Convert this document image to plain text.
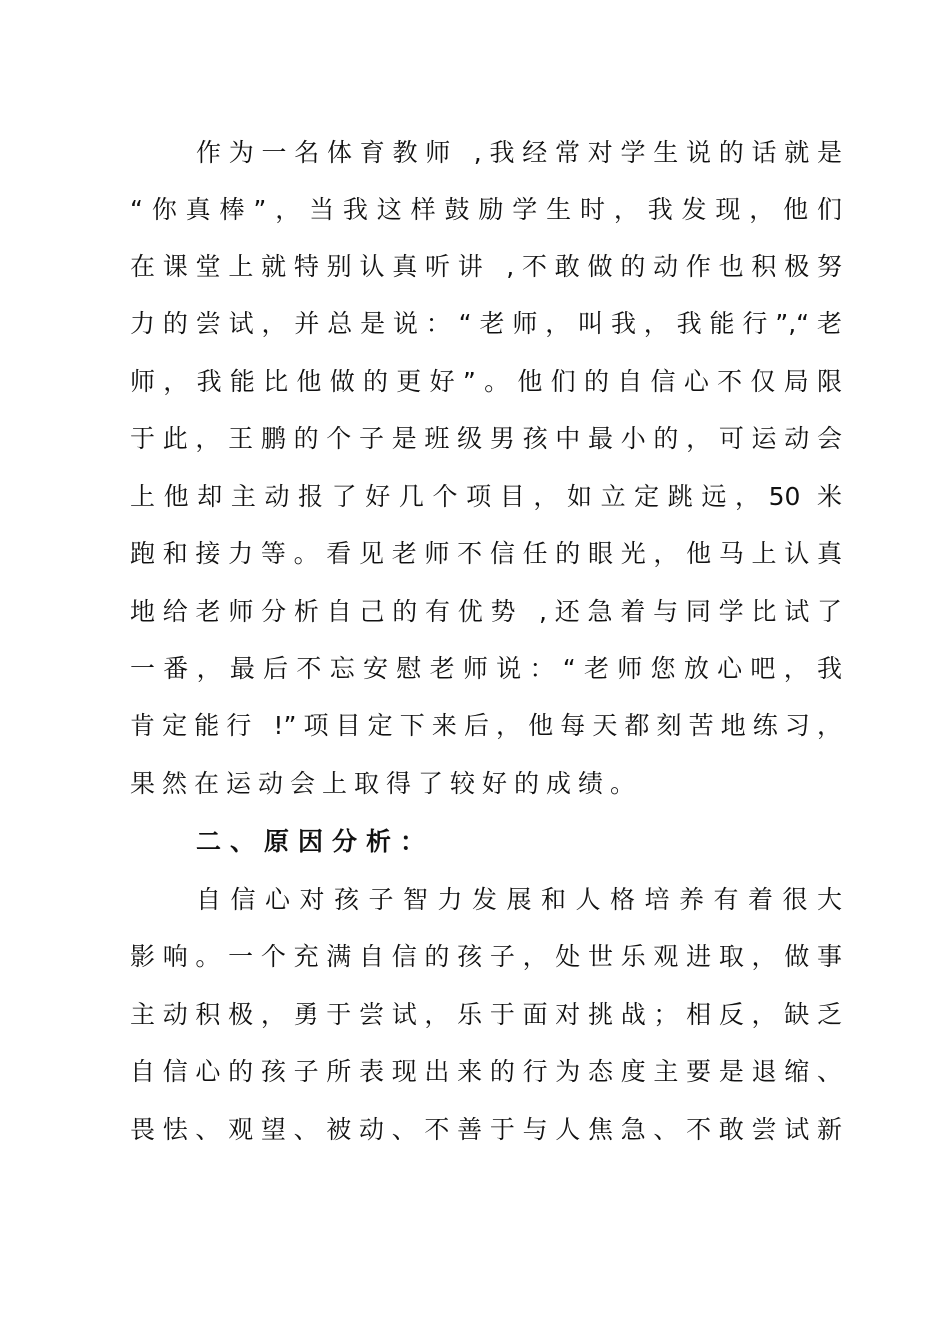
作为一名体育教师 ,我经常对学生说的话就是
“你真棒”，当我这样鼓励学生时，我发现，他们
在课堂上就特别认真听讲 ,不敢做的动作也积极努
力的尝试，并总是说：“老师，叫我，我能行”,“老
师，我能比他做的更好”。他们的自信心不仅局限
于此，王鹏的个子是班级男孩中最小的，可运动会
上他却主动报了好几个项目，如立定跳远，50 米
跑和接力等。看见老师不信任的眼光，他马上认真
地给老师分析自己的有优势 ,还急着与同学比试了
一番，最后不忘安慰老师说：“老师您放心吧，我
肯定能行 !”项目定下来后，他每天都刻苦地练习，
果然在运动会上取得了较好的成绩。
二、原因分析：
自信心对孩子智力发展和人格培养有着很大
影响。一个充满自信的孩子，处世乐观进取，做事
主动积极，勇于尝试，乐于面对挑战；相反，缺乏
自信心的孩子所表现出来的行为态度主要是退缩、
畏怯、观望、被动、不善于与人焦急、不敢尝试新
